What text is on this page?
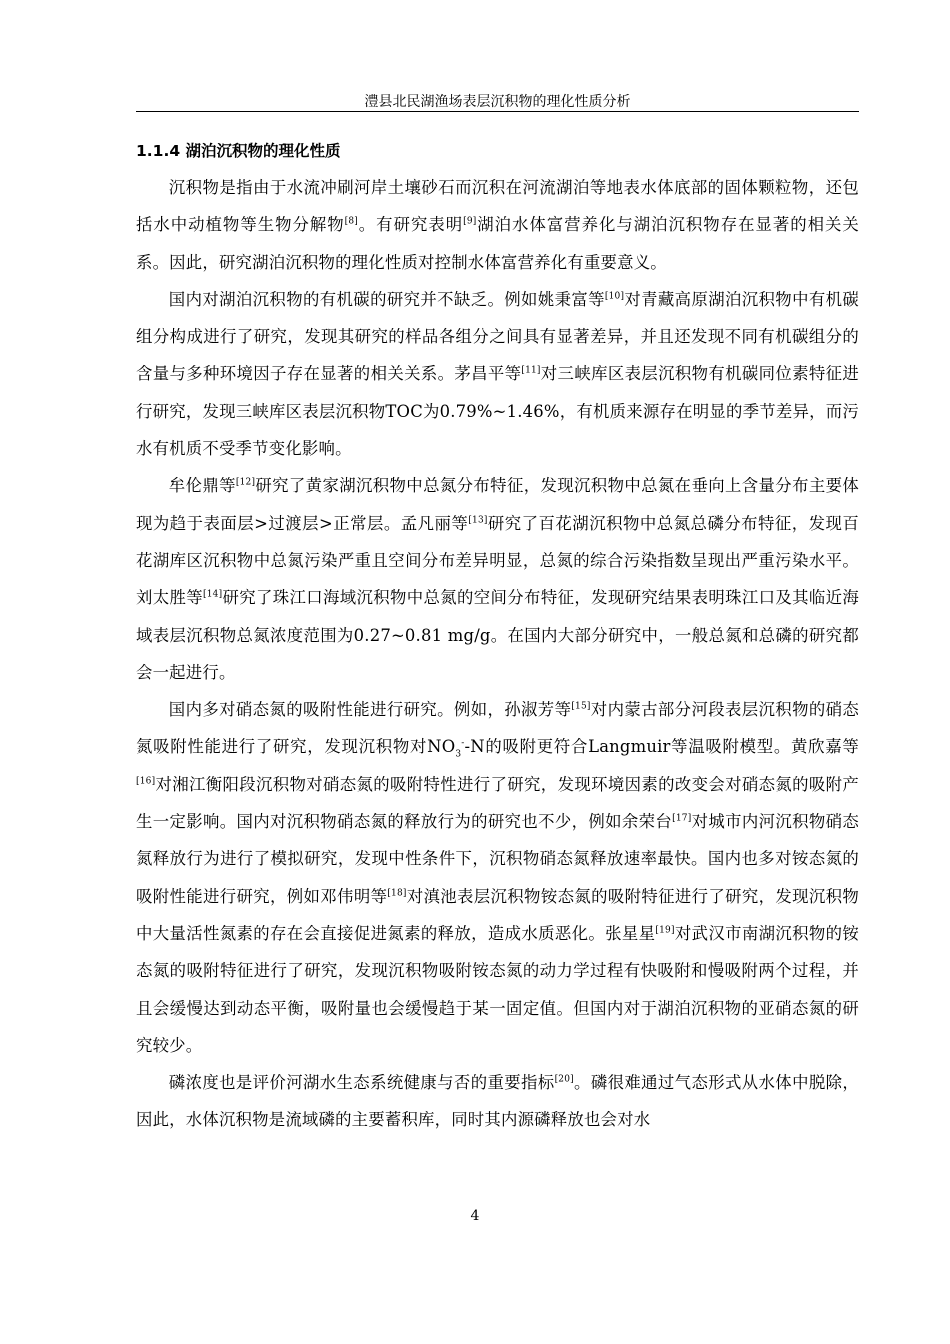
澧县北民湖渔场表层沉积物的理化性质分析
1.1.4 湖泊沉积物的理化性质

沉积物是指由于水流冲刷河岸土壤砂石而沉积在河流湖泊等地表水体底部的固体颗粒物，还包括水中动植物等生物分解物[8]。有研究表明[9]湖泊水体富营养化与湖泊沉积物存在显著的相关关系。因此，研究湖泊沉积物的理化性质对控制水体富营养化有重要意义。

国内对湖泊沉积物的有机碳的研究并不缺乏。例如姚秉富等[10]对青藏高原湖泊沉积物中有机碳组分构成进行了研究，发现其研究的样品各组分之间具有显著差异，并且还发现不同有机碳组分的含量与多种环境因子存在显著的相关关系。茅昌平等[11]对三峡库区表层沉积物有机碳同位素特征进行研究，发现三峡库区表层沉积物TOC为0.79%~1.46%，有机质来源存在明显的季节差异，而污水有机质不受季节变化影响。

牟伦鼎等[12]研究了黄家湖沉积物中总氮分布特征，发现沉积物中总氮在垂向上含量分布主要体现为趋于表面层>过渡层>正常层。孟凡丽等[13]研究了百花湖沉积物中总氮总磷分布特征，发现百花湖库区沉积物中总氮污染严重且空间分布差异明显，总氮的综合污染指数呈现出严重污染水平。刘太胜等[14]研究了珠江口海域沉积物中总氮的空间分布特征，发现研究结果表明珠江口及其临近海域表层沉积物总氮浓度范围为0.27~0.81 mg/g。在国内大部分研究中，一般总氮和总磷的研究都会一起进行。

国内多对硝态氮的吸附性能进行研究。例如，孙淑芳等[15]对内蒙古部分河段表层沉积物的硝态氮吸附性能进行了研究，发现沉积物对$NO_3^--N$的吸附更符合Langmuir等温吸附模型。黄欣嘉等[16]对湘江衡阳段沉积物对硝态氮的吸附特性进行了研究，发现环境因素的改变会对硝态氮的吸附产生一定影响。国内对沉积物硝态氮的释放行为的研究也不少，例如余荣台[17]对城市内河沉积物硝态氮释放行为进行了模拟研究，发现中性条件下，沉积物硝态氮释放速率最快。国内也多对铵态氮的吸附性能进行研究，例如邓伟明等[18]对滇池表层沉积物铵态氮的吸附特征进行了研究，发现沉积物中大量活性氮素的存在会直接促进氮素的释放，造成水质恶化。张星星[19]对武汉市南湖沉积物的铵态氮的吸附特征进行了研究，发现沉积物吸附铵态氮的动力学过程有快吸附和慢吸附两个过程，并且会缓慢达到动态平衡，吸附量也会缓慢趋于某一固定值。但国内对于湖泊沉积物的亚硝态氮的研究较少。

磷浓度也是评价河湖水生态系统健康与否的重要指标[20]。磷很难通过气态形式从水体中脱除，因此，水体沉积物是流域磷的主要蓄积库，同时其内源磷释放也会对水

4
